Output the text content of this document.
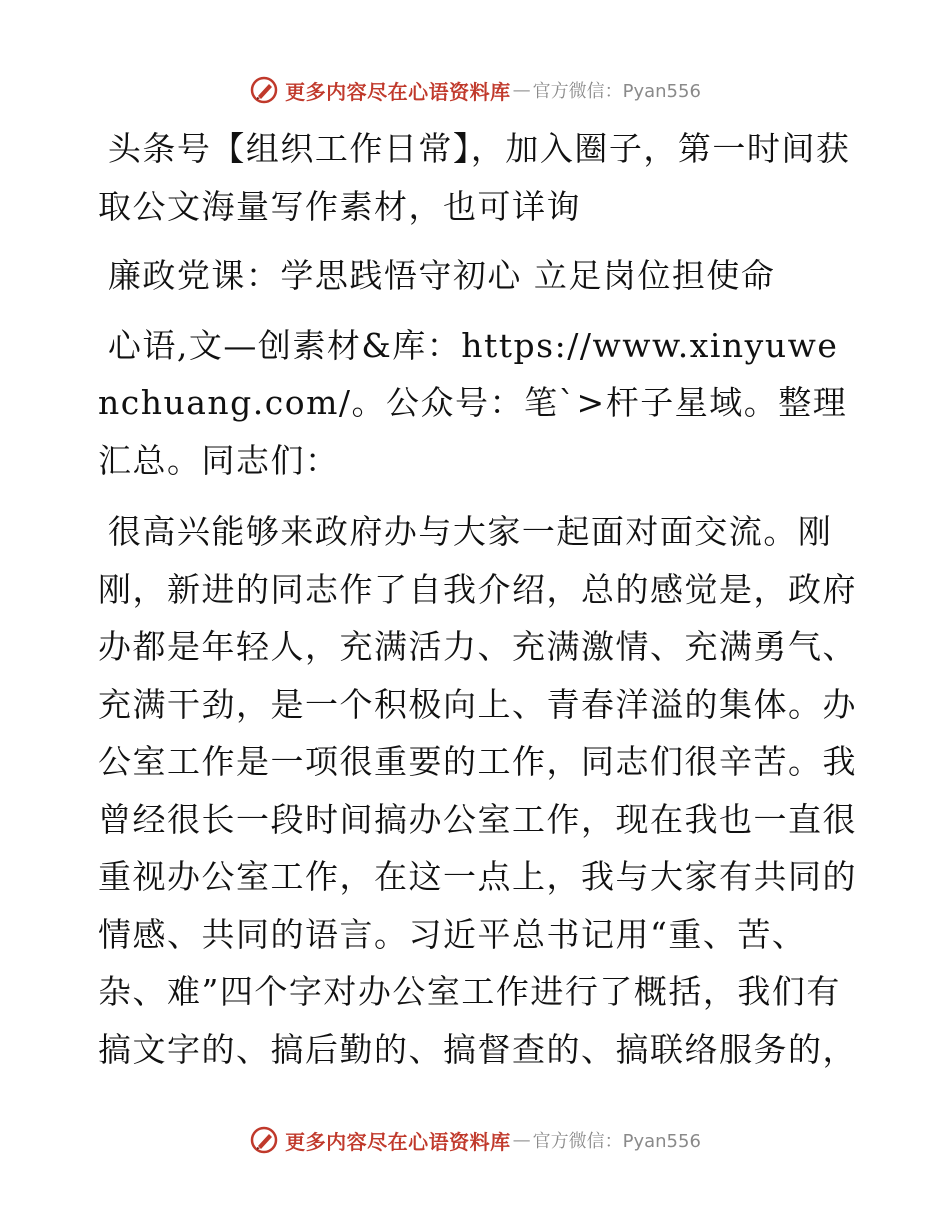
更多内容尽在心语资料库 — 官方微信：Pyan556

头条号【组织工作日常】，加入圈子，第一时间获取公文海量写作素材，也可详询

廉政党课：学思践悟守初心 立足岗位担使命

心语,文—创素材&库：https://www.xinyuwenchuang.com/。公众号：笔`>杆子星域。整理汇总。同志们：

很高兴能够来政府办与大家一起面对面交流。刚刚，新进的同志作了自我介绍，总的感觉是，政府办都是年轻人，充满活力、充满激情、充满勇气、充满干劲，是一个积极向上、青春洋溢的集体。办公室工作是一项很重要的工作，同志们很辛苦。我曾经很长一段时间搞办公室工作，现在我也一直很重视办公室工作，在这一点上，我与大家有共同的情感、共同的语言。习近平总书记用“重、苦、杂、难”四个字对办公室工作进行了概括，我们有搞文字的、搞后勤的、搞督查的、搞联络服务的，

更多内容尽在心语资料库 — 官方微信：Pyan556
